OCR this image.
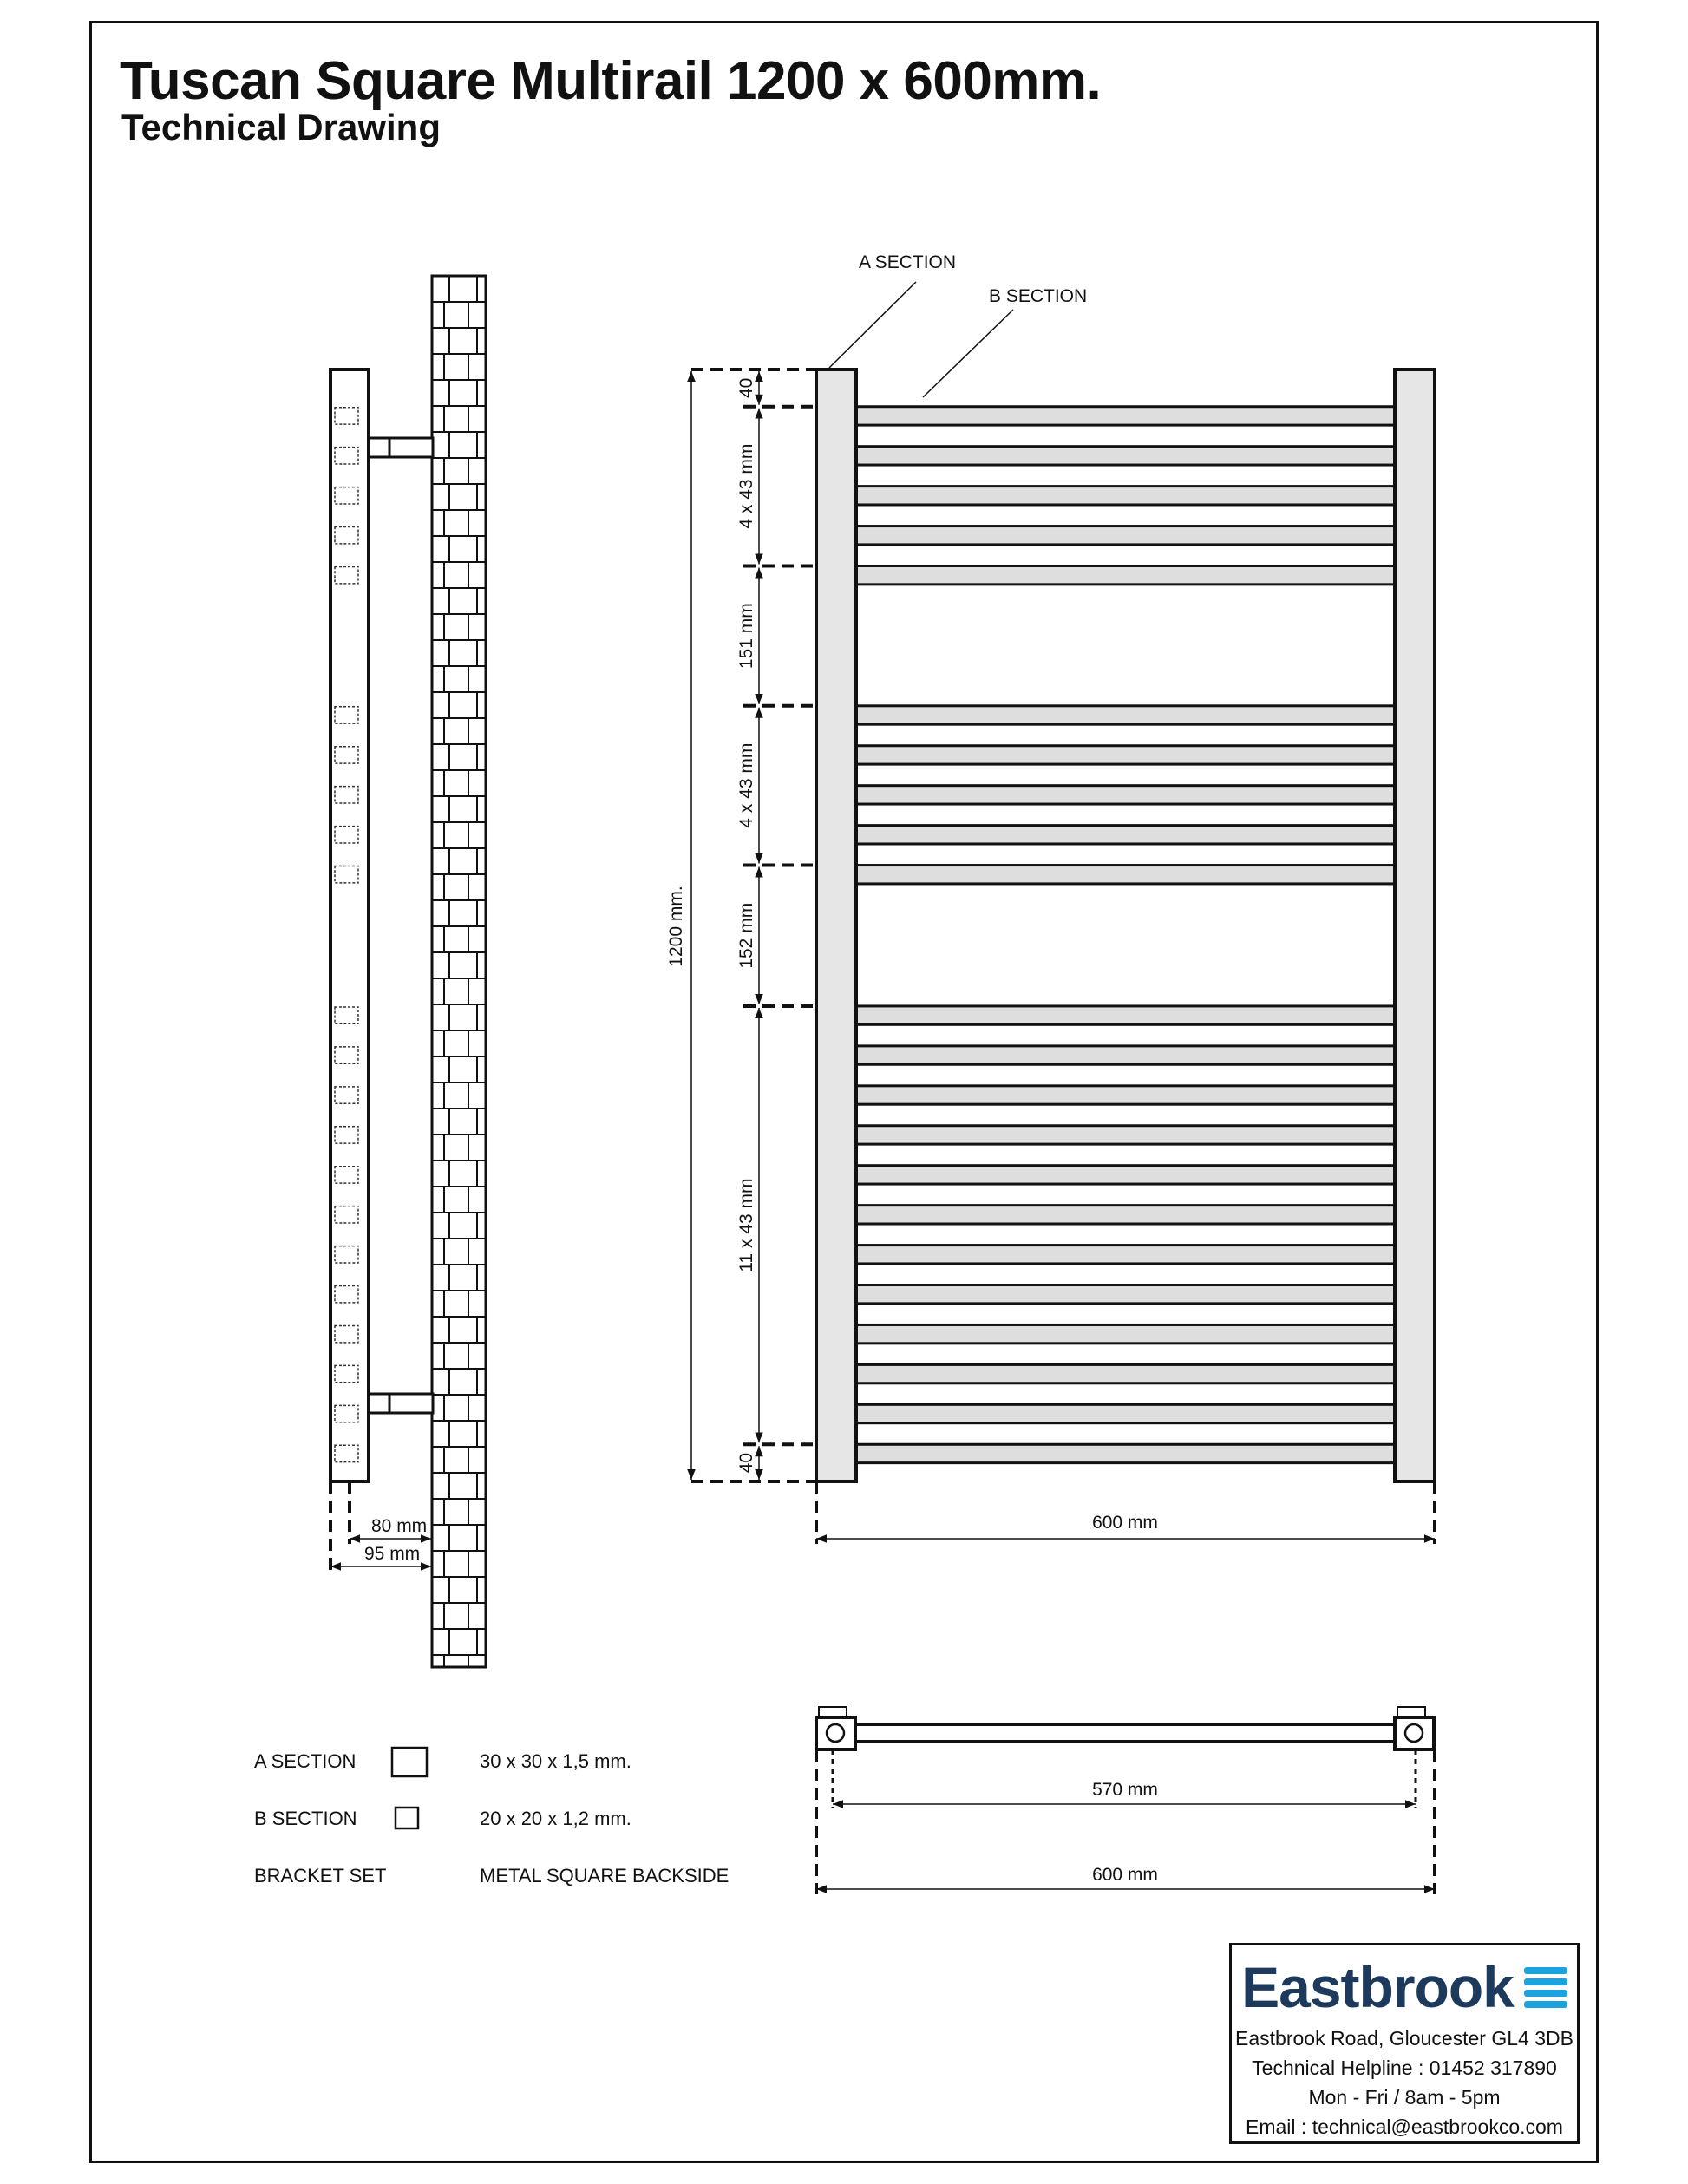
Tuscan Square Multirail 1200 x 600mm.
Technical Drawing
80 mm
95 mm
A SECTION
B SECTION
1200 mm.
40
4 x 43 mm
151 mm
4 x 43 mm
152 mm
11 x 43 mm
40
600 mm
570 mm
600 mm
A SECTION	30 x 30 x 1,5 mm.
B SECTION	20 x 20 x 1,2 mm.
BRACKET SET	METAL SQUARE BACKSIDE
Eastbrook
Eastbrook Road, Gloucester GL4 3DB
Technical Helpline : 01452 317890
Mon - Fri / 8am - 5pm
Email : technical@eastbrookco.com
